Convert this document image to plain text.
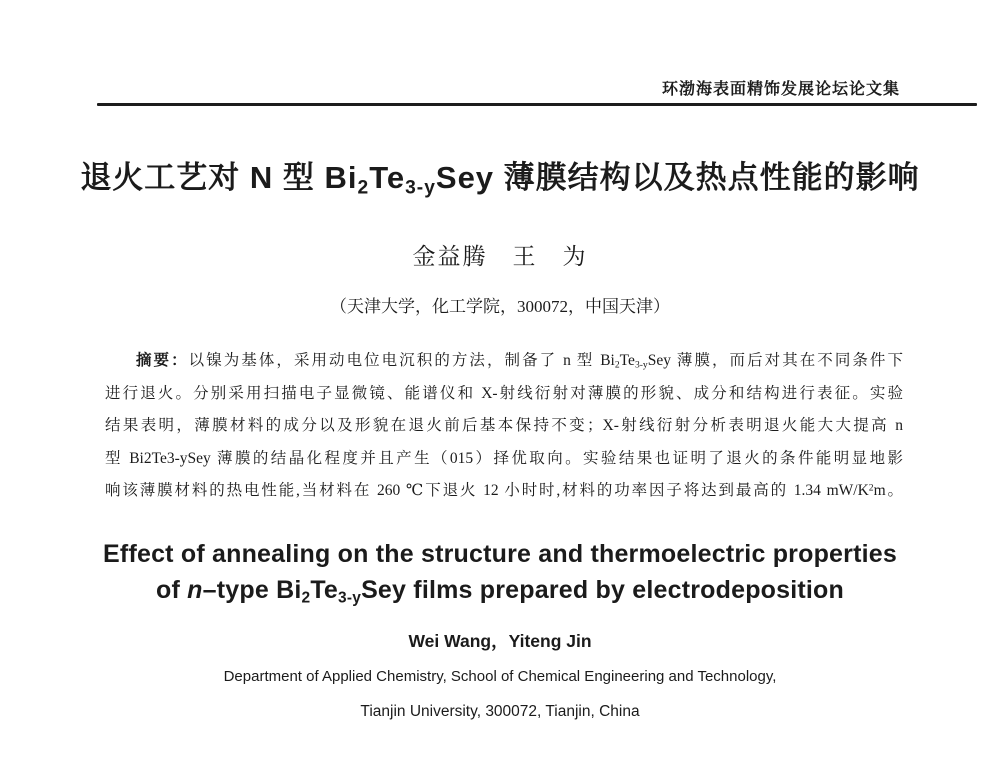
环渤海表面精饰发展论坛论文集
退火工艺对 N 型 $Bi_2Te_{3-y}Sey$ 薄膜结构以及热点性能的影响
金益腾　王　为
（天津大学，化工学院，300072，中国天津）
摘要：以镍为基体，采用动电位电沉积的方法，制备了 n 型 $Bi_2Te_{3-y}Sey$ 薄膜，而后对其在不同条件下
进行退火。分别采用扫描电子显微镜、能谱仪和 X-射线衍射对薄膜的形貌、成分和结构进行表征。实验
结果表明，薄膜材料的成分以及形貌在退火前后基本保持不变；X-射线衍射分析表明退火能大大提高 n
型 Bi2Te3-ySey 薄膜的结晶化程度并且产生（015）择优取向。实验结果也证明了退火的条件能明显地影
响该薄膜材料的热电性能,当材料在 260 ℃下退火 12 小时时,材料的功率因子将达到最高的 1.34 $mW/K^2m$。
Effect of annealing on the structure and thermoelectric properties
of n–type $Bi_2Te_{3-y}Sey$ films prepared by electrodeposition
Wei Wang，Yiteng Jin
Department of Applied Chemistry, School of Chemical Engineering and Technology,
Tianjin University, 300072, Tianjin, China
